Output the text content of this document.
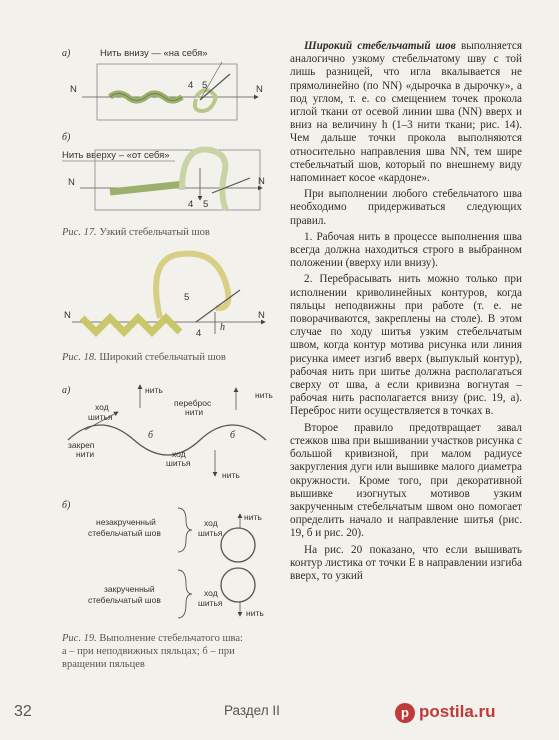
а)	Нить внизу — «на себя»
N	N
4 5
б)
Нить вверху – «от себя»
N	N
4 5
N	N
5
4
h
а)	нить	нить
ход
шитья
переброс
нити
закреп
нити
б	б
ход
шитья
нить
б)
незакрученный
стебельчатый шов
нить
ход
шитья
закрученный
стебельчатый шов
ход
шитья
нить
Рис. 17. Узкий стебельчатый шов
Рис. 18. Широкий стебельчатый шов
Рис. 19. Выполнение стебельчатого шва:
а – при неподвижных пяльцах; б – при
вращении пяльцев

Широкий стебельчатый шов выполняется аналогично узкому стебельчатому шву с той лишь разницей, что игла вкалывается не прямолинейно (по NN) «дырочка в дырочку», а под углом, т. е. со смещением точек прокола иглой ткани от осевой линии шва (NN) вверх и вниз на величину h (1–3 нити ткани; рис. 14). Чем дальше точки прокола выполняются относительно направления шва NN, тем шире стебельчатый шов, который по внешнему виду напоминает косое «кардоне».

При выполнении любого стебельчатого шва необходимо придерживаться следующих правил.

1. Рабочая нить в процессе выполнения шва всегда должна находиться строго в выбранном положении (вверху или внизу).

2. Перебрасывать нить можно только при исполнении криволинейных контуров, когда пяльцы неподвижны при работе (т. е. не поворачиваются, закреплены на столе). В этом случае по ходу шитья узким стебельчатым швом, когда контур мотива рисунка или линия рисунка имеет изгиб вверх (выпуклый контур), рабочая нить при шитье должна располагаться сверху от шва, а если кривизна вогнутая – рабочая нить располагается внизу (рис. 19, а). Переброс нити осуществляется в точках в.

Второе правило предотвращает завал стежков шва при вышивании участков рисунка с большой кривизной, при малом радиусе закругления дуги или вышивке малого диаметра окружности. Кроме того, при декоративной вышивке изогнутых мотивов узким закрученным стебельчатым швом оно помогает определить начало и направление шитья (рис. 19, б и рис. 20).

На рис. 20 показано, что если вышивать контур листика от точки Е в направлении изгиба вверх, то узкий

32	Раздел II	p postila.ru
